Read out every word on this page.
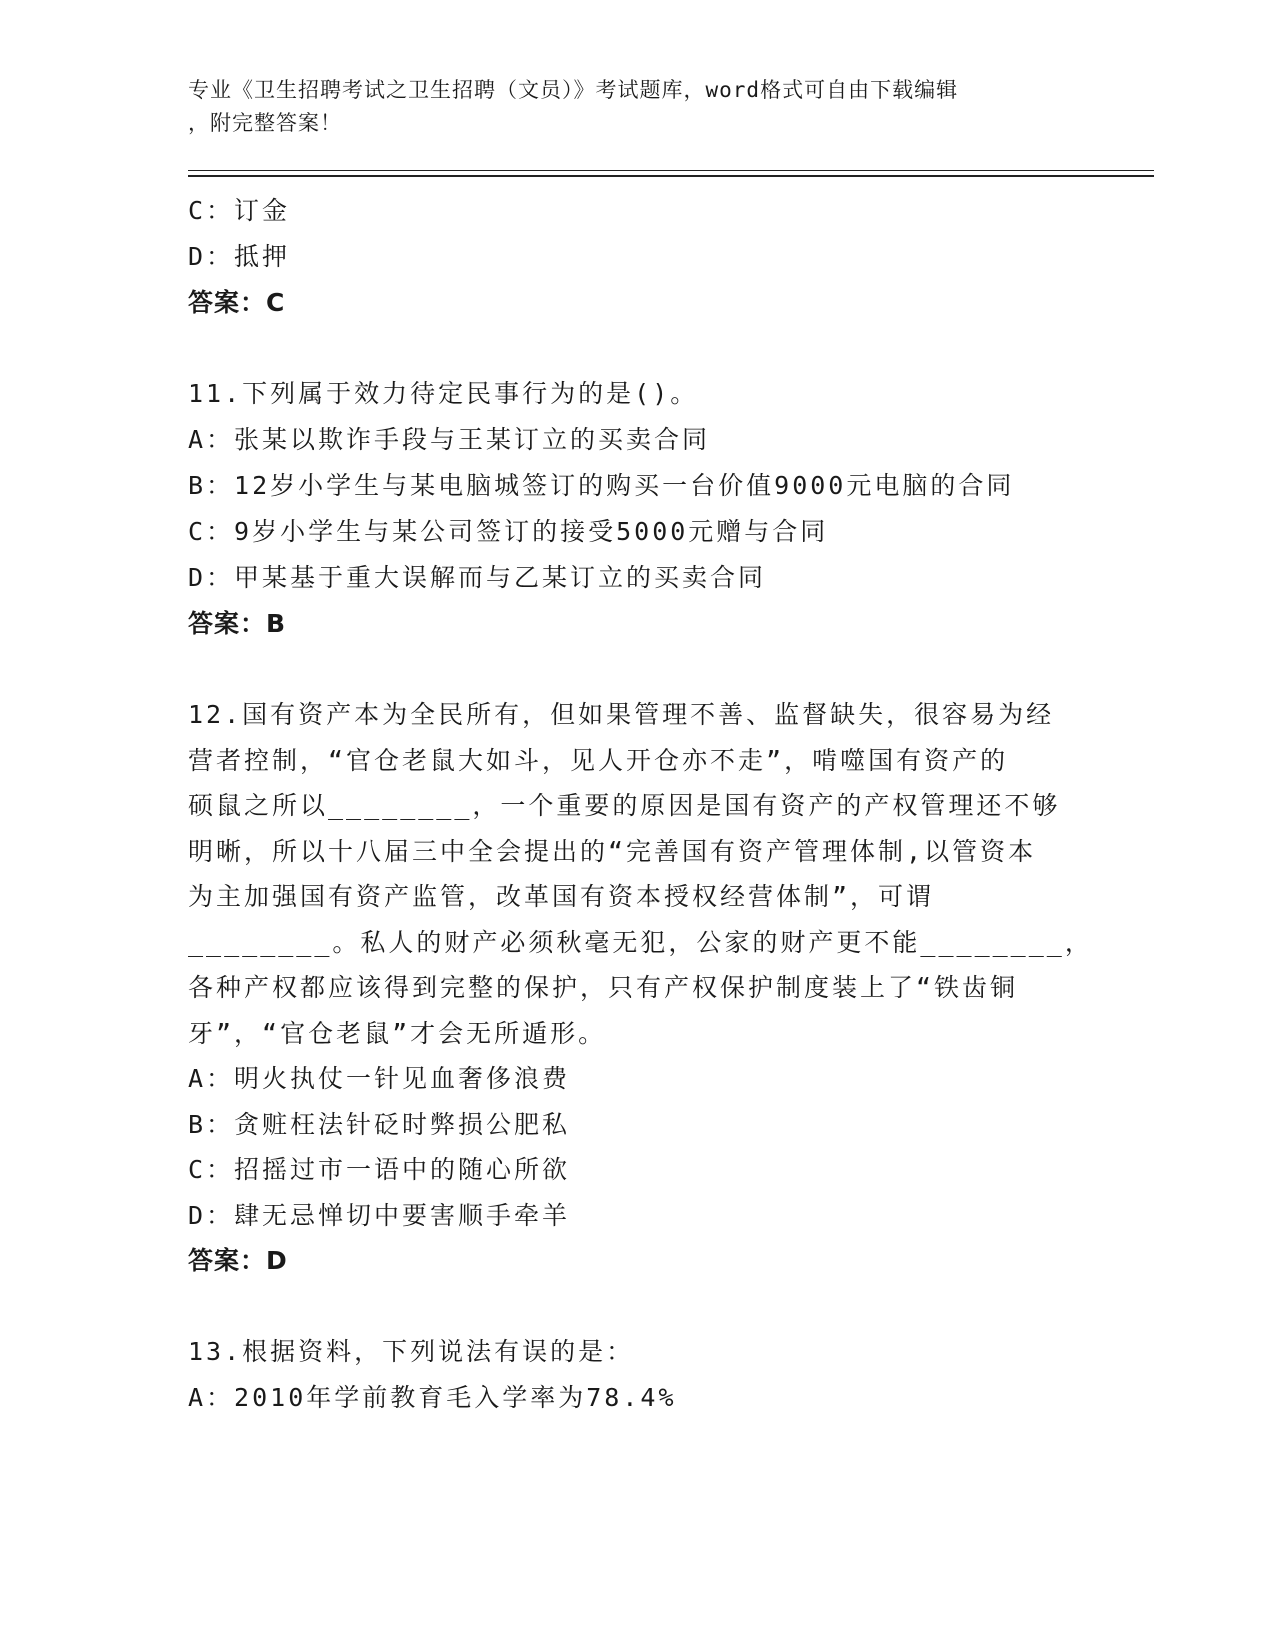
专业《卫生招聘考试之卫生招聘（文员）》考试题库，word格式可自由下载编辑
，附完整答案！
C：订金
D：抵押
答案：C
11.下列属于效力待定民事行为的是()。
A：张某以欺诈手段与王某订立的买卖合同
B：12岁小学生与某电脑城签订的购买一台价值9000元电脑的合同
C：9岁小学生与某公司签订的接受5000元赠与合同
D：甲某基于重大误解而与乙某订立的买卖合同
答案：B
12.国有资产本为全民所有，但如果管理不善、监督缺失，很容易为经
营者控制，“官仓老鼠大如斗，见人开仓亦不走”，啃噬国有资产的
硕鼠之所以________，一个重要的原因是国有资产的产权管理还不够
明晰，所以十八届三中全会提出的“完善国有资产管理体制,以管资本
为主加强国有资产监管，改革国有资本授权经营体制”，可谓
________。私人的财产必须秋毫无犯，公家的财产更不能________，
各种产权都应该得到完整的保护，只有产权保护制度装上了“铁齿铜
牙”，“官仓老鼠”才会无所遁形。
A：明火执仗一针见血奢侈浪费
B：贪赃枉法针砭时弊损公肥私
C：招摇过市一语中的随心所欲
D：肆无忌惮切中要害顺手牵羊
答案：D
13.根据资料，下列说法有误的是：
A：2010年学前教育毛入学率为78.4%
